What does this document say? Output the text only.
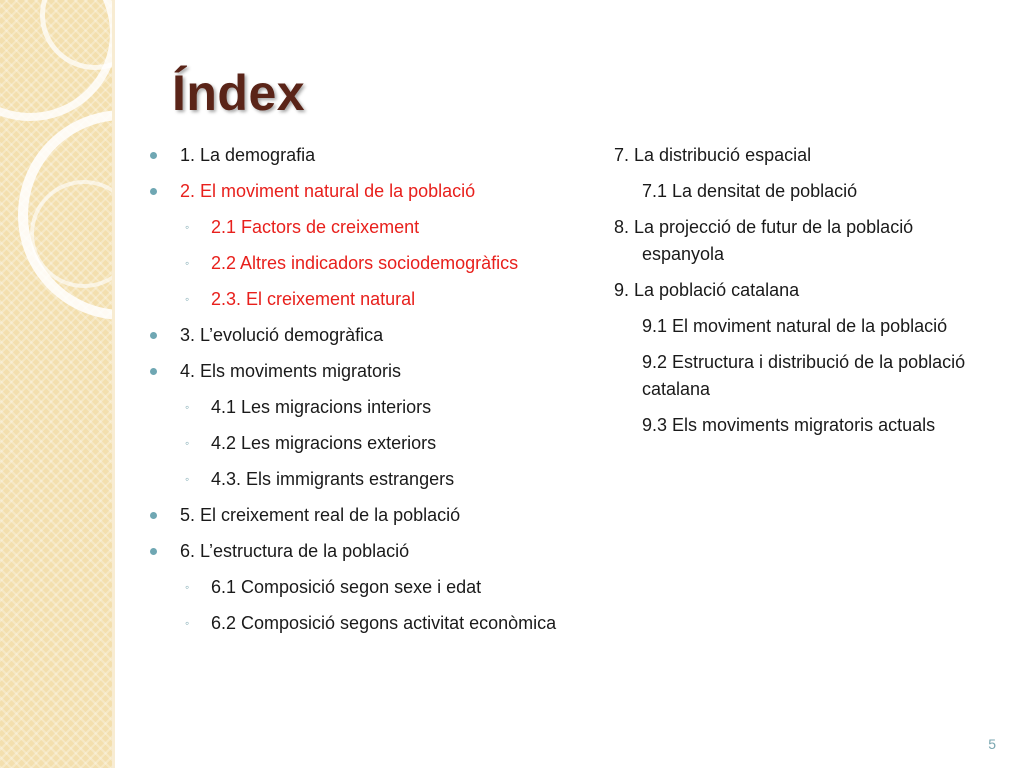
Índex
1. La demografia
2. El moviment natural de la població
◦ 2.1 Factors de creixement
◦ 2.2 Altres indicadors sociodemogràfics
◦ 2.3. El creixement natural
3. L’evolució demogràfica
4. Els moviments migratoris
◦ 4.1 Les migracions interiors
◦ 4.2 Les migracions exteriors
◦ 4.3. Els immigrants estrangers
5. El creixement real de la població
6. L’estructura de la població
◦ 6.1 Composició segon sexe i edat
◦ 6.2 Composició segons activitat econòmica
7. La distribució espacial
7.1 La densitat de població
8. La projecció de futur de la població espanyola
9. La població catalana
9.1 El moviment natural de la població
9.2 Estructura i distribució de la població catalana
9.3 Els moviments migratoris actuals
5
